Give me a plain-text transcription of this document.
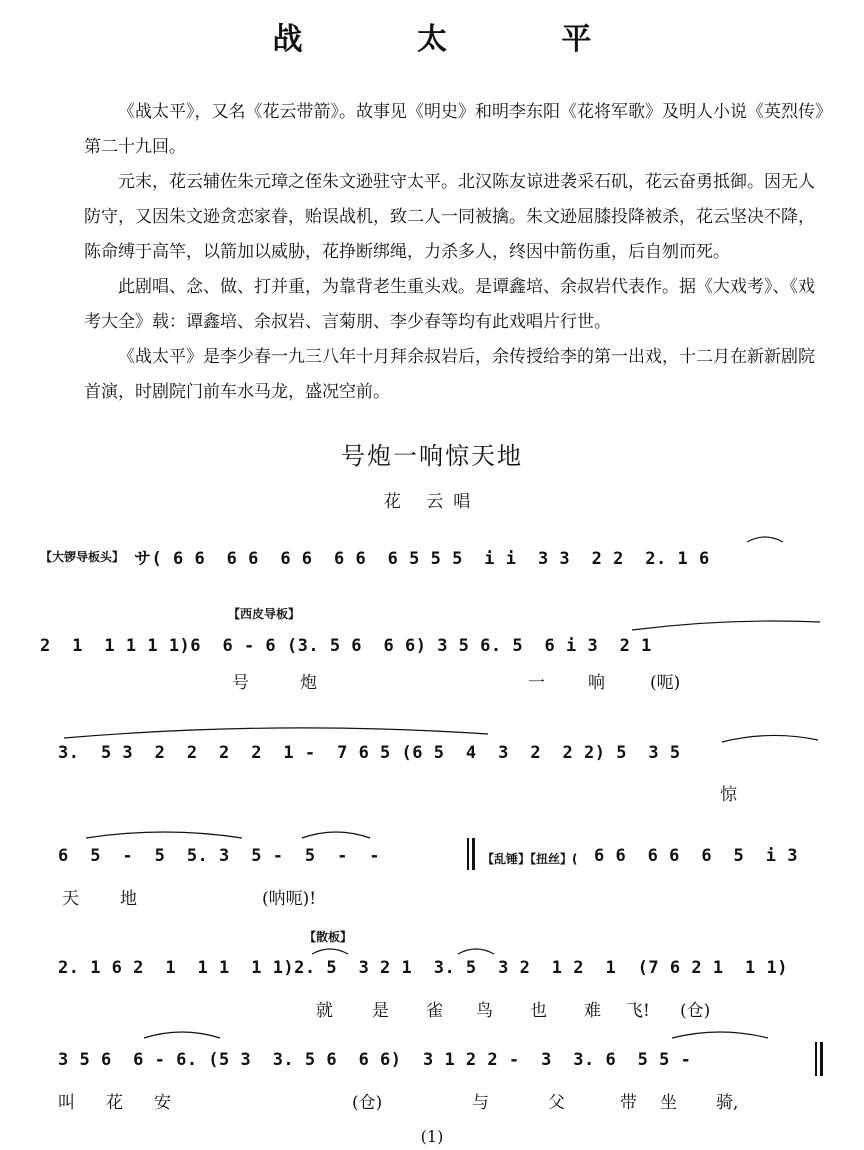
战 太 平

《战太平》，又名《花云带箭》。故事见《明史》和明李东阳《花将军歌》及明人小说《英烈传》第二十九回。

元末，花云辅佐朱元璋之侄朱文逊驻守太平。北汉陈友谅进袭采石矶，花云奋勇抵御。因无人防守，又因朱文逊贪恋家眷，贻误战机，致二人一同被擒。朱文逊屈膝投降被杀，花云坚决不降，陈命缚于高竿，以箭加以威胁，花挣断绑绳，力杀多人，终因中箭伤重，后自刎而死。

此剧唱、念、做、打并重，为靠背老生重头戏。是谭鑫培、余叔岩代表作。据《大戏考》、《戏考大全》载：谭鑫培、余叔岩、言菊朋、李少春等均有此戏唱片行世。

《战太平》是李少春一九三八年十月拜余叔岩后，余传授给李的第一出戏，十二月在新新剧院首演，时剧院门前车水马龙，盛况空前。

号炮一响惊天地
花 云唱
【大锣导板头】 サ( 6 6  6 6  6 6  6 6  6 5 5 5  i i  3 3  2 2  2. 1 6
【西皮导板】
2  1  1 1 1 1)6  6 - 6 (3. 5 6  6 6) 3 5 6. 5  6 i 3  2 1
号	炮	一	响	(呃)
3.  5 3  2  2  2  2  1 -  7 6 5 (6 5  4  3  2  2 2) 5  3 5
惊
6  5  -  5  5. 3  5 -  5  -  -	【乱锤】【扭丝】( 6 6  6 6  6  5  i 3
天 地	(呐呃)!
【散板】
2. 1 6 2  1  1 1  1 1)2. 5  3 2 1  3. 5  3 2  1 2  1  (7 6 2 1  1 1)
就 是 雀 鸟 也 难 飞! (仓)
3 5 6  6 - 6. (5 3  3. 5 6  6 6)  3 1 2 2 -  3  3. 6  5 5 -
叫 花 安	(仓)	与	父	带 坐 骑,
(1)
